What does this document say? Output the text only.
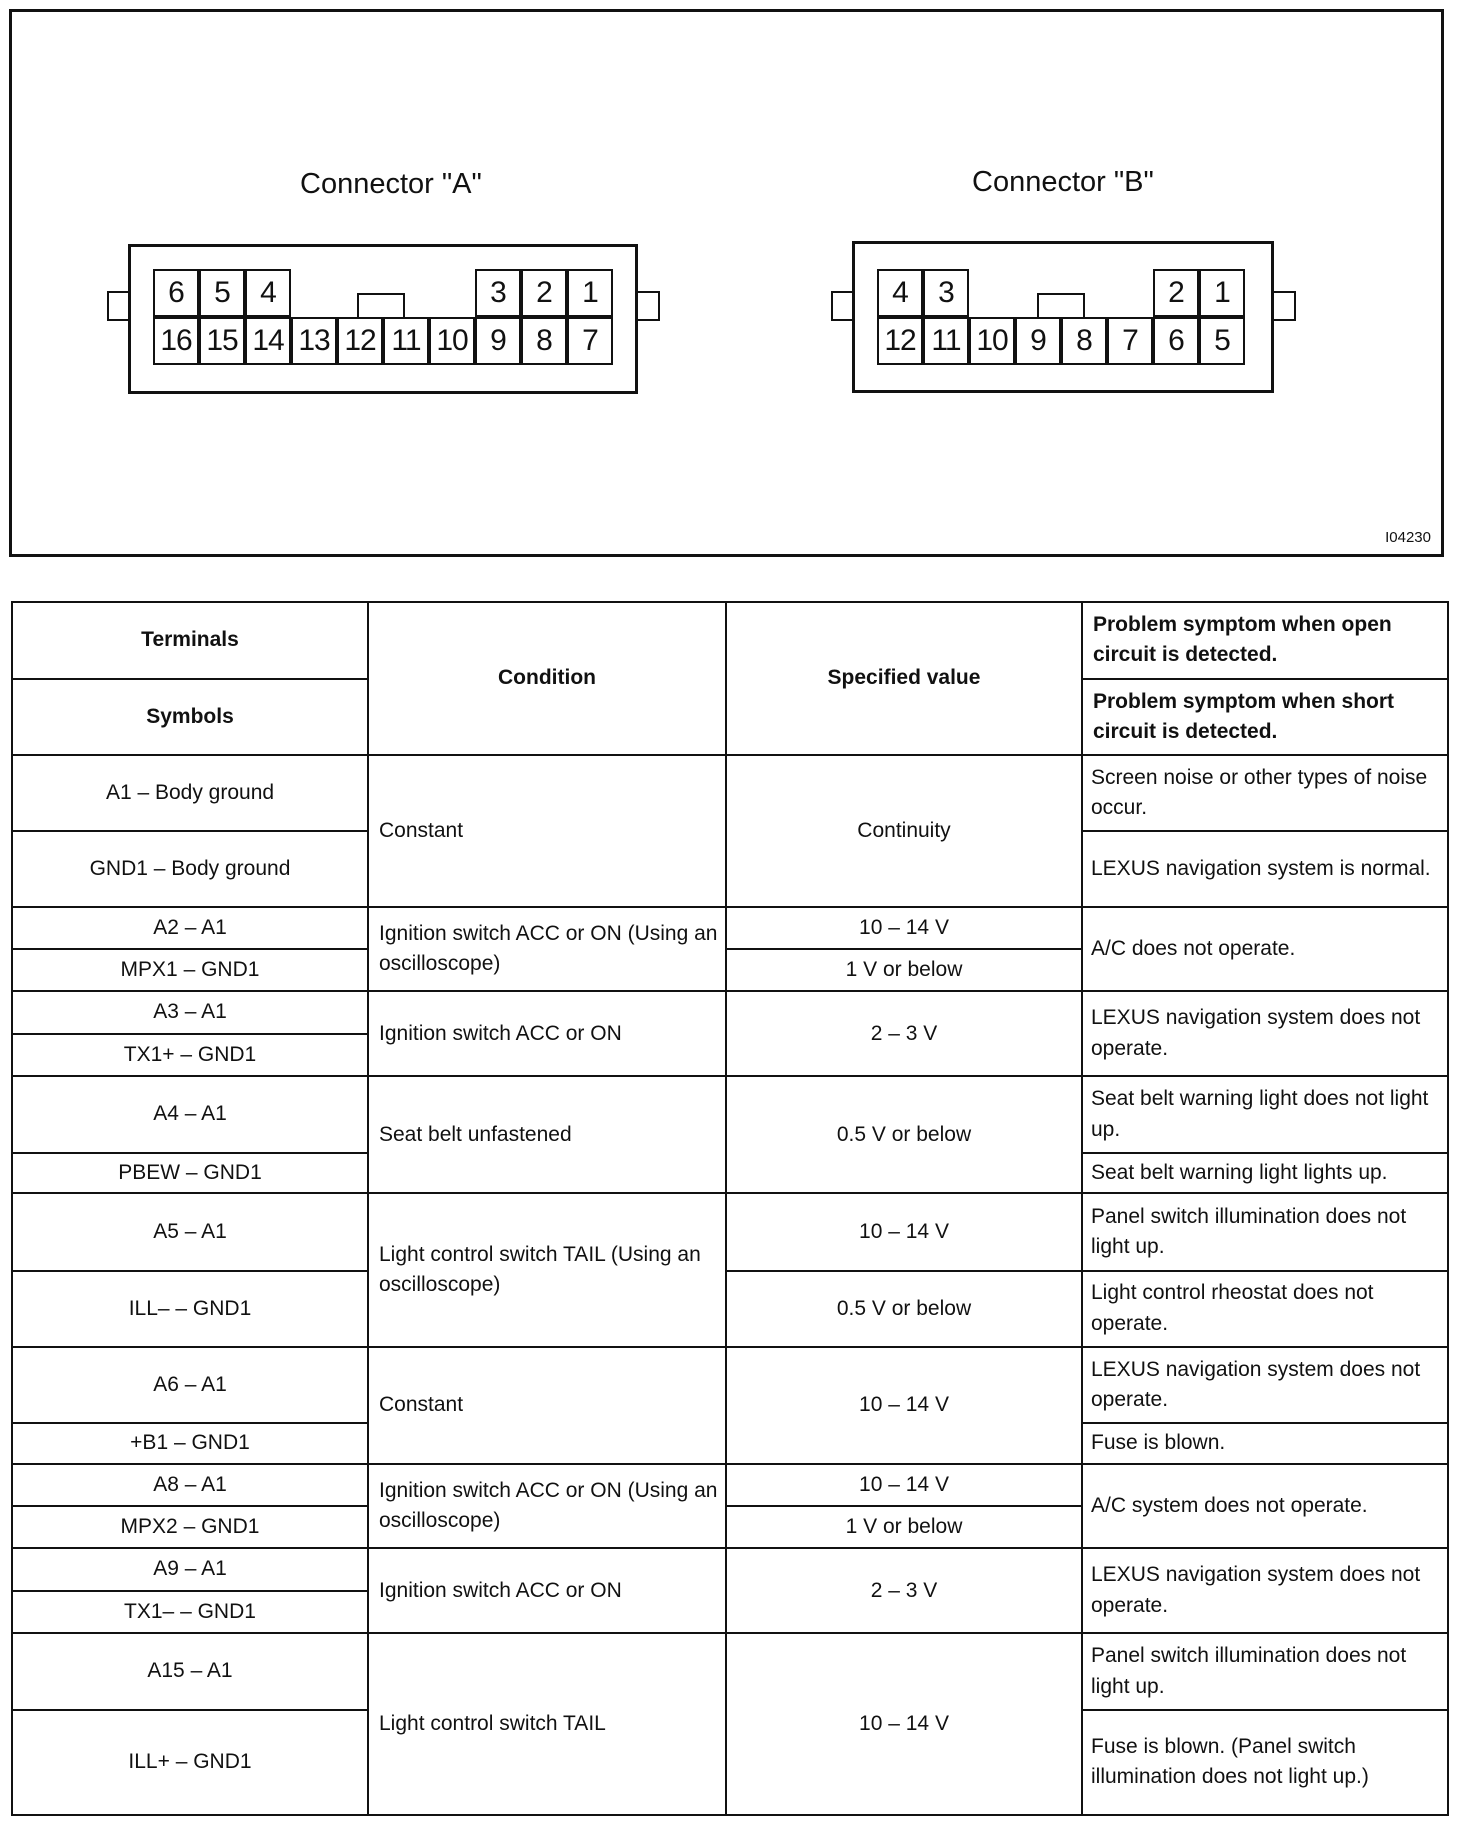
Connector "A"
6	5	4	3	2	1
16 15 14 13 12 11 10 9	8	7
Connector "B"
4	3	2	1
12 11 10 9	8	7	6	5
I04230
Terminals	Condition	Specified value	Problem symptom when open circuit is detected.
Symbols			Problem symptom when short circuit is detected.
A1 – Body ground	Constant	Continuity	Screen noise or other types of noise occur.
GND1 – Body ground			LEXUS navigation system is normal.
A2 – A1	Ignition switch ACC or ON (Using an oscilloscope)	10 – 14 V	A/C does not operate.
MPX1 – GND1		1 V or below	
A3 – A1	Ignition switch ACC or ON	2 – 3 V	LEXUS navigation system does not operate.
TX1+ – GND1			
A4 – A1	Seat belt unfastened	0.5 V or below	Seat belt warning light does not light up.
PBEW – GND1			Seat belt warning light lights up.
A5 – A1	Light control switch TAIL (Using an oscilloscope)	10 – 14 V	Panel switch illumination does not light up.
ILL– – GND1		0.5 V or below	Light control rheostat does not operate.
A6 – A1	Constant	10 – 14 V	LEXUS navigation system does not operate.
+B1 – GND1			Fuse is blown.
A8 – A1	Ignition switch ACC or ON (Using an oscilloscope)	10 – 14 V	A/C system does not operate.
MPX2 – GND1		1 V or below	
A9 – A1	Ignition switch ACC or ON	2 – 3 V	LEXUS navigation system does not operate.
TX1– – GND1			
A15 – A1	Light control switch TAIL	10 – 14 V	Panel switch illumination does not light up.
ILL+ – GND1			Fuse is blown. (Panel switch illumination does not light up.)
